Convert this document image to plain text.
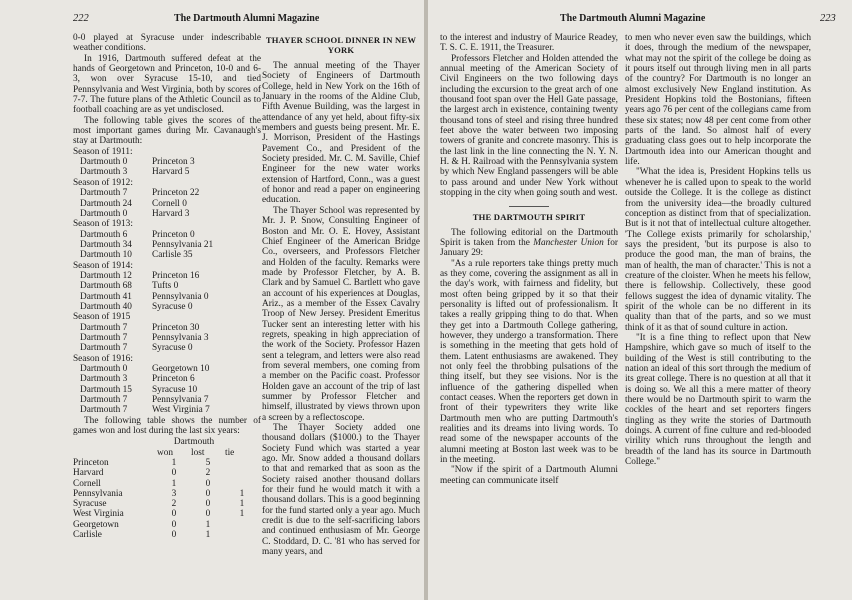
222	The Dartmouth Alumni Magazine

0-0 played at Syracuse under indescribable weather conditions.

In 1916, Dartmouth suffered defeat at the hands of Georgetown and Princeton, 10-0 and 6-3, won over Syracuse 15-10, and tied Pennsylvania and West Virginia, both by scores of 7-7. The future plans of the Athletic Council as to football coaching are as yet undisclosed.

The following table gives the scores of the most important games during Mr. Cavanaugh's stay at Dartmouth:

Season of 1911:
Dartmouth 0	Princeton 3
Dartmouth 3	Harvard 5
Season of 1912:
Dartmouth 7	Princeton 22
Dartmouth 24 Cornell 0
Dartmouth 0	Harvard 3
Season of 1913:
Dartmouth 6	Princeton 0
Dartmouth 34 Pennsylvania 21
Dartmouth 10 Carlisle 35
Season of 1914:
Dartmouth 12 Princeton 16
Dartmouth 68 Tufts 0
Dartmouth 41 Pennsylvania 0
Dartmouth 40 Syracuse 0
Season of 1915
Dartmouth 7	Princeton 30
Dartmouth 7	Pennsylvania 3
Dartmouth 7	Syracuse 0
Season of 1916:
Dartmouth 0	Georgetown 10
Dartmouth 3	Princeton 6
Dartmouth 15 Syracuse 10
Dartmouth 7	Pennsylvania 7
Dartmouth 7	West Virginia 7

The following table shows the number of games won and lost during the last six years:

	Dartmouth		
	won	lost	tie
Princeton	1	5	
Harvard	0	2	
Cornell	1	0	
Pennsylvania	3	0	1
Syracuse	2	0	1
West Virginia	0	0	1
Georgetown	0	1	
Carlisle	0	1	
THAYER SCHOOL DINNER IN NEW YORK

The annual meeting of the Thayer Society of Engineers of Dartmouth College, held in New York on the 16th of January in the rooms of the Aldine Club, Fifth Avenue Building, was the largest in attendance of any yet held, about fifty-six members and guests being present. Mr. E. J. Morrison, President of the Hastings Pavement Co., and President of the Society presided. Mr. C. M. Saville, Chief Engineer for the new water works extension of Hartford, Conn., was a guest of honor and read a paper on engineering education.

The Thayer School was represented by Mr. J. P. Snow, Consulting Engineer of Boston and Mr. O. E. Hovey, Assistant Chief Engineer of the American Bridge Co., overseers, and Professors Fletcher and Holden of the faculty. Remarks were made by Professor Fletcher, by A. B. Clark and by Samuel C. Bartlett who gave an account of his experiences at Douglas, Ariz., as a member of the Essex Cavalry Troop of New Jersey. President Emeritus Tucker sent an interesting letter with his regrets, speaking in high appreciation of the work of the Society. Professor Hazen sent a telegram, and letters were also read from several members, one coming from a member on the Pacific coast. Professor Holden gave an account of the trip of last summer by Professor Fletcher and himself, illustrated by views thrown upon a screen by a reflectoscope.

The Thayer Society added one thousand dollars ($1000.) to the Thayer Society Fund which was started a year ago. Mr. Snow added a thousand dollars to that and remarked that as soon as the Society raised another thousand dollars for their fund he would match it with a thousand dollars. This is a good beginning for the fund started only a year ago. Much credit is due to the self-sacrificing labors and continued enthusiasm of Mr. George C. Stoddard, D. C. '81 who has served for many years, and

The Dartmouth Alumni Magazine	223

to the interest and industry of Maurice Readey, T. S. C. E. 1911, the Treasurer.

Professors Fletcher and Holden attended the annual meeting of the American Society of Civil Engineers on the two following days including the excursion to the great arch of one thousand foot span over the Hell Gate passage, the largest arch in existence, containing twenty thousand tons of steel and rising three hundred feet above the water between two imposing towers of granite and concrete masonry. This is the last link in the line connecting the N. Y. N. H. & H. Railroad with the Pennsylvania system by which New England passengers will be able to pass around and under New York without stopping in the city when going south and west.

THE DARTMOUTH SPIRIT

The following editorial on the Dartmouth Spirit is taken from the Manchester Union for January 29:

"As a rule reporters take things pretty much as they come, covering the assignment as all in the day's work, with fairness and fidelity, but most often being gripped by it so that their personality is lifted out of professionalism. It takes a really gripping thing to do that. When they get into a Dartmouth College gathering, however, they undergo a transformation. There is something in the meeting that gets hold of them. Latent enthusiasms are awakened. They not only feel the throbbing pulsations of the thing itself, but they see visions. Nor is the influence of the gathering dispelled when contact ceases. When the reporters get down in front of their typewriters they write like Dartmouth men who are putting Dartmouth's realities and its dreams into living words. To read some of the newspaper accounts of the alumni meeting at Boston last week was to be in the meeting.

"Now if the spirit of a Dartmouth Alumni meeting can communicate itself

to men who never even saw the buildings, which it does, through the medium of the newspaper, what may not the spirit of the college be doing as it pours itself out through living men in all parts of the country? For Dartmouth is no longer an almost exclusively New England institution. As President Hopkins told the Bostonians, fifteen years ago 76 per cent of the collegians came from these six states; now 48 per cent come from other parts of the land. So almost half of every graduating class goes out to help incorporate the Dartmouth idea into our American thought and life.

"What the idea is, President Hopkins tells us whenever he is called upon to speak to the world outside the College. It is the college as distinct from the university idea—the broadly cultured conception as distinct from that of specialization. But is it not that of intellectual culture altogether. 'The College exists primarily for scholarship,' says the president, 'but its purpose is also to produce the good man, the man of brains, the man of health, the man of character.' This is not a creature of the cloister. When he meets his fellow, there is fellowship. Collectively, these good fellows suggest the idea of dynamic vitality. The spirit of the whole can be no different in its quality than that of the parts, and so we must think of it as that of sound culture in action.

"It is a fine thing to reflect upon that New Hampshire, which gave so much of itself to the building of the West is still contributing to the nation an ideal of this sort through the medium of its great college. There is no question at all that it is doing so. We all this a mere matter of theory there would be no Dartmouth spirit to warm the cockles of the heart and set reporters fingers tingling as they write the stories of Dartmouth doings. A current of fine culture and red-blooded virility which runs throughout the length and breadth of the land has its source in Dartmouth College."
